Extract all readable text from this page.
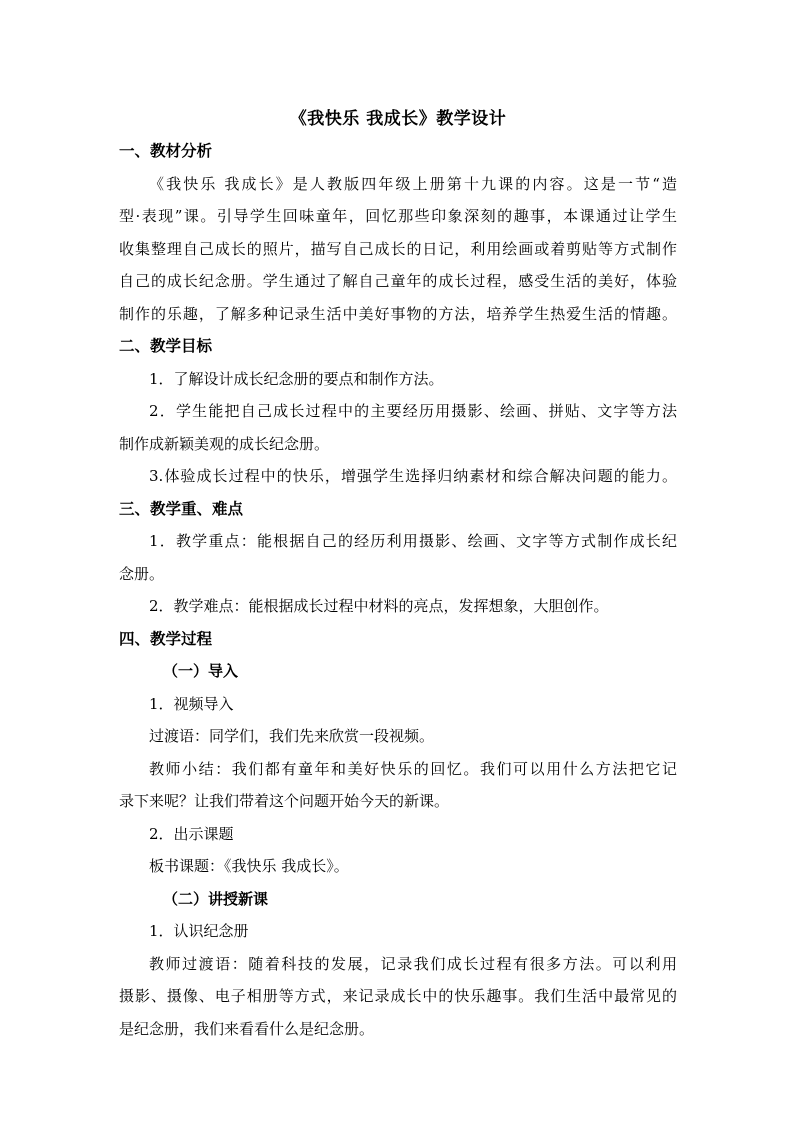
《我快乐 我成长》教学设计
一、教材分析
《我快乐 我成长》是人教版四年级上册第十九课的内容。这是一节“造
型·表现”课。引导学生回味童年，回忆那些印象深刻的趣事，本课通过让学生
收集整理自己成长的照片，描写自己成长的日记，利用绘画或着剪贴等方式制作
自己的成长纪念册。学生通过了解自己童年的成长过程，感受生活的美好，体验
制作的乐趣，了解多种记录生活中美好事物的方法，培养学生热爱生活的情趣。
二、教学目标
1．了解设计成长纪念册的要点和制作方法。
2．学生能把自己成长过程中的主要经历用摄影、绘画、拼贴、文字等方法
制作成新颖美观的成长纪念册。
3.体验成长过程中的快乐，增强学生选择归纳素材和综合解决问题的能力。
三、教学重、难点
1．教学重点：能根据自己的经历利用摄影、绘画、文字等方式制作成长纪
念册。
2．教学难点：能根据成长过程中材料的亮点，发挥想象，大胆创作。
四、教学过程
（一）导入
1．视频导入
过渡语：同学们，我们先来欣赏一段视频。
教师小结：我们都有童年和美好快乐的回忆。我们可以用什么方法把它记
录下来呢？让我们带着这个问题开始今天的新课。
2．出示课题
板书课题：《我快乐 我成长》。
（二）讲授新课
1．认识纪念册
教师过渡语：随着科技的发展，记录我们成长过程有很多方法。可以利用
摄影、摄像、电子相册等方式，来记录成长中的快乐趣事。我们生活中最常见的
是纪念册，我们来看看什么是纪念册。
